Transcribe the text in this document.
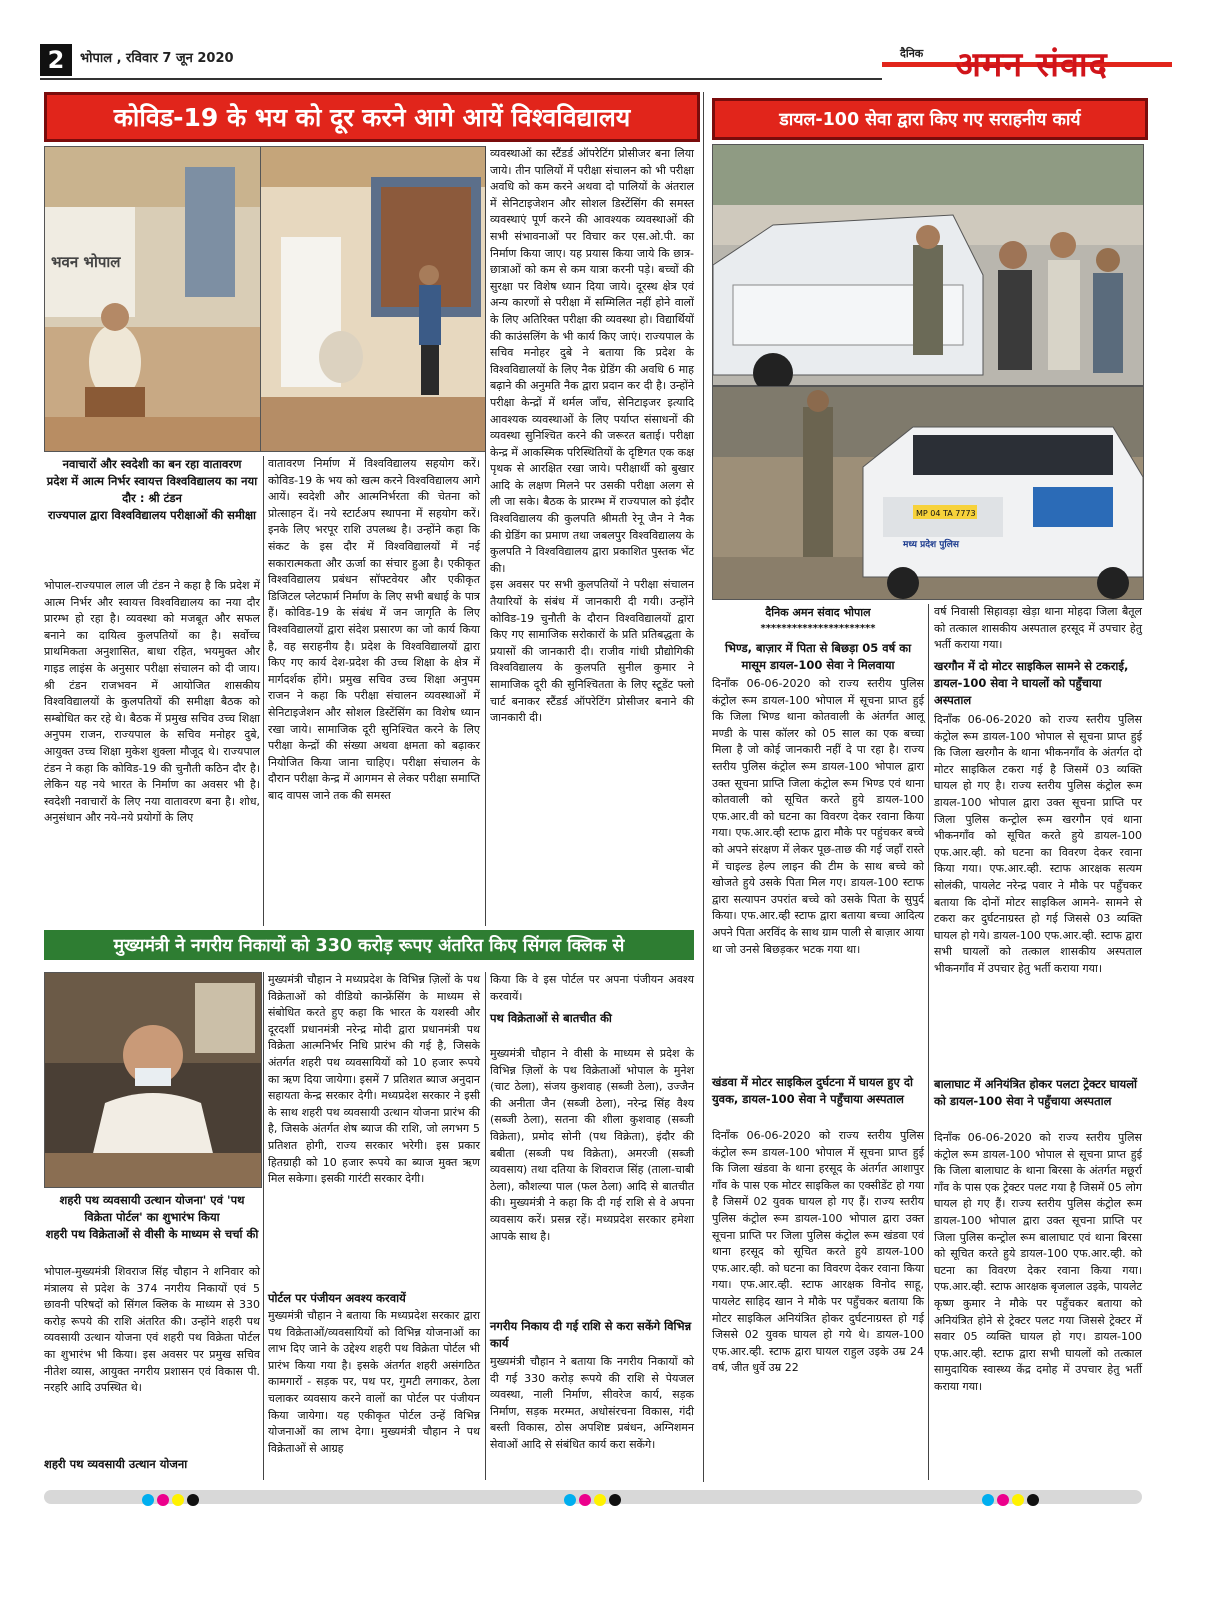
2	भोपाल , रविवार 7 जून 2020	दैनिक अमन संवाद
कोविड-19 के भय को दूर करने आगे आयें विश्वविद्यालय
भवन भोपाल
नवाचारों और स्वदेशी का बन रहा वातावरण
प्रदेश में आत्म निर्भर स्वायत्त विश्वविद्यालय का नया दौर : श्री टंडन
राज्यपाल द्वारा विश्वविद्यालय परीक्षाओं की समीक्षा
भोपाल-राज्यपाल लाल जी टंडन ने कहा है कि प्रदेश में आत्म निर्भर और स्वायत्त विश्वविद्यालय का नया दौर प्रारम्भ हो रहा है। व्यवस्था को मजबूत और सफल बनाने का दायित्व कुलपतियों का है। सर्वोच्च प्राथमिकता अनुशासित, बाधा रहित, भयमुक्त और गाइड लाइंस के अनुसार परीक्षा संचालन को दी जाय। श्री टंडन राजभवन में आयोजित शासकीय विश्वविद्यालयों के कुलपतियों की समीक्षा बैठक को सम्बोधित कर रहे थे। बैठक में प्रमुख सचिव उच्च शिक्षा अनुपम राजन, राज्यपाल के सचिव मनोहर दुबे, आयुक्त उच्च शिक्षा मुकेश शुक्ला मौजूद थे। राज्यपाल टंडन ने कहा कि कोविड-19 की चुनौती कठिन दौर है। लेकिन यह नये भारत के निर्माण का अवसर भी है। स्वदेशी नवाचारों के लिए नया वातावरण बना है। शोध, अनुसंधान और नये-नये प्रयोगों के लिए
वातावरण निर्माण में विश्वविद्यालय सहयोग करें। कोविड-19 के भय को खत्म करने विश्वविद्यालय आगे आयें। स्वदेशी और आत्मनिर्भरता की चेतना को प्रोत्साहन दें। नये स्टार्टअप स्थापना में सहयोग करें। इनके लिए भरपूर राशि उपलब्ध है। उन्होंने कहा कि संकट के इस दौर में विश्वविद्यालयों में नई सकारात्मकता और ऊर्जा का संचार हुआ है। एकीकृत विश्वविद्यालय प्रबंधन सॉफ्टवेयर और एकीकृत डिजिटल प्लेटफार्म निर्माण के लिए सभी बधाई के पात्र हैं। कोविड-19 के संबंध में जन जागृति के लिए विश्वविद्यालयों द्वारा संदेश प्रसारण का जो कार्य किया है, वह सराहनीय है। प्रदेश के विश्वविद्यालयों द्वारा किए गए कार्य देश-प्रदेश की उच्च शिक्षा के क्षेत्र में मार्गदर्शक होंगे। प्रमुख सचिव उच्च शिक्षा अनुपम राजन ने कहा कि परीक्षा संचालन व्यवस्थाओं में सेनिटाइजेशन और सोशल डिस्टेंसिंग का विशेष ध्यान रखा जाये। सामाजिक दूरी सुनिश्चित करने के लिए परीक्षा केन्द्रों की संख्या अथवा क्षमता को बढ़ाकर नियोजित किया जाना चाहिए। परीक्षा संचालन के दौरान परीक्षा केन्द्र में आगमन से लेकर परीक्षा समाप्ति बाद वापस जाने तक की समस्त
व्यवस्थाओं का स्टैंडर्ड ऑपरेटिंग प्रोसीजर बना लिया जाये। तीन पालियों में परीक्षा संचालन को भी परीक्षा अवधि को कम करने अथवा दो पालियों के अंतराल में सेनिटाइजेशन और सोशल डिस्टेंसिंग की समस्त व्यवस्थाएं पूर्ण करने की आवश्यक व्यवस्थाओं की सभी संभावनाओं पर विचार कर एस.ओ.पी. का निर्माण किया जाए। यह प्रयास किया जाये कि छात्र-छात्राओं को कम से कम यात्रा करनी पड़े। बच्चों की सुरक्षा पर विशेष ध्यान दिया जाये। दूरस्थ क्षेत्र एवं अन्य कारणों से परीक्षा में सम्मिलित नहीं होने वालों के लिए अतिरिक्त परीक्षा की व्यवस्था हो। विद्यार्थियों की काउंसलिंग के भी कार्य किए जाएं। राज्यपाल के सचिव मनोहर दुबे ने बताया कि प्रदेश के विश्वविद्यालयों के लिए नैक ग्रेडिंग की अवधि 6 माह बढ़ाने की अनुमति नैक द्वारा प्रदान कर दी है। उन्होंने परीक्षा केन्द्रों में थर्मल जाँच, सेनिटाइजर इत्यादि आवश्यक व्यवस्थाओं के लिए पर्याप्त संसाधनों की व्यवस्था सुनिश्चित करने की जरूरत बताई। परीक्षा केन्द्र में आकस्मिक परिस्थितियों के दृष्टिगत एक कक्ष पृथक से आरक्षित रखा जाये। परीक्षार्थी को बुखार आदि के लक्षण मिलने पर उसकी परीक्षा अलग से ली जा सके। बैठक के प्रारम्भ में राज्यपाल को इंदौर विश्वविद्यालय की कुलपति श्रीमती रेनू जैन ने नैक की ग्रेडिंग का प्रमाण तथा जबलपुर विश्वविद्यालय के कुलपति ने विश्वविद्यालय द्वारा प्रकाशित पुस्तक भेंट की।
इस अवसर पर सभी कुलपतियों ने परीक्षा संचालन तैयारियों के संबंध में जानकारी दी गयी। उन्होंने कोविड-19 चुनौती के दौरान विश्वविद्यालयों द्वारा किए गए सामाजिक सरोकारों के प्रति प्रतिबद्धता के प्रयासों की जानकारी दी। राजीव गांधी प्रौद्योगिकी विश्वविद्यालय के कुलपति सुनील कुमार ने सामाजिक दूरी की सुनिश्चितता के लिए स्टूडेंट फ्लो चार्ट बनाकर स्टैंडर्ड ऑपरेटिंग प्रोसीजर बनाने की जानकारी दी।
मुख्यमंत्री ने नगरीय निकायों को 330 करोड़ रूपए अंतरित किए सिंगल क्लिक से
शहरी पथ व्यवसायी उत्थान योजना' एवं 'पथ विक्रेता पोर्टल' का शुभारंभ किया
शहरी पथ विक्रेताओं से वीसी के माध्यम से चर्चा की
भोपाल-मुख्यमंत्री शिवराज सिंह चौहान ने शनिवार को मंत्रालय से प्रदेश के 374 नगरीय निकायों एवं 5 छावनी परिषदों को सिंगल क्लिक के माध्यम से 330 करोड़ रूपये की राशि अंतरित की। उन्होंने शहरी पथ व्यवसायी उत्थान योजना एवं शहरी पथ विक्रेता पोर्टल का शुभारंभ भी किया। इस अवसर पर प्रमुख सचिव नीतेश व्यास, आयुक्त नगरीय प्रशासन एवं विकास पी. नरहरि आदि उपस्थित थे।
शहरी पथ व्यवसायी उत्थान योजना
मुख्यमंत्री चौहान ने मध्यप्रदेश के विभिन्न ज़िलों के पथ विक्रेताओं को वीडियो कान्फ्रेंसिंग के माध्यम से संबोधित करते हुए कहा कि भारत के यशस्वी और दूरदर्शी प्रधानमंत्री नरेन्द्र मोदी द्वारा प्रधानमंत्री पथ विक्रेता आत्मनिर्भर निधि प्रारंभ की गई है, जिसके अंतर्गत शहरी पथ व्यवसायियों को 10 हजार रूपये का ऋण दिया जायेगा। इसमें 7 प्रतिशत ब्याज अनुदान सहायता केन्द्र सरकार देगी। मध्यप्रदेश सरकार ने इसी के साथ शहरी पथ व्यवसायी उत्थान योजना प्रारंभ की है, जिसके अंतर्गत शेष ब्याज की राशि, जो लगभग 5 प्रतिशत होगी, राज्य सरकार भरेगी। इस प्रकार हितग्राही को 10 हजार रूपये का ब्याज मुक्त ऋण मिल सकेगा। इसकी गारंटी सरकार देगी।
पोर्टल पर पंजीयन अवश्य करवायें
मुख्यमंत्री चौहान ने बताया कि मध्यप्रदेश सरकार द्वारा पथ विक्रेताओं/व्यवसायियों को विभिन्न योजनाओं का लाभ दिए जाने के उद्देश्य शहरी पथ विक्रेता पोर्टल भी प्रारंभ किया गया है। इसके अंतर्गत शहरी असंगठित कामगारों - सड़क पर, पथ पर, गुमटी लगाकर, ठेला चलाकर व्यवसाय करने वालों का पोर्टल पर पंजीयन किया जायेगा। यह एकीकृत पोर्टल उन्हें विभिन्न योजनाओं का लाभ देगा। मुख्यमंत्री चौहान ने पथ विक्रेताओं से आग्रह
किया कि वे इस पोर्टल पर अपना पंजीयन अवश्य करवायें।
पथ विक्रेताओं से बातचीत की
मुख्यमंत्री चौहान ने वीसी के माध्यम से प्रदेश के विभिन्न ज़िलों के पथ विक्रेताओं भोपाल के मुनेश (चाट ठेला), संजय कुशवाह (सब्जी ठेला), उज्जैन की अनीता जैन (सब्जी ठेला), नरेन्द्र सिंह वैश्य (सब्जी ठेला), सतना की शीला कुशवाह (सब्जी विक्रेता), प्रमोद सोनी (पथ विक्रेता), इंदौर की बबीता (सब्जी पथ विक्रेता), अमरजी (सब्जी व्यवसाय) तथा दतिया के शिवराज सिंह (ताला-चाबी ठेला), कौशल्या पाल (फल ठेला) आदि से बातचीत की। मुख्यमंत्री ने कहा कि दी गई राशि से वे अपना व्यवसाय करें। प्रसन्न रहें। मध्यप्रदेश सरकार हमेशा आपके साथ है।
नगरीय निकाय दी गई राशि से करा सकेंगे विभिन्न कार्य
मुख्यमंत्री चौहान ने बताया कि नगरीय निकायों को दी गई 330 करोड़ रूपये की राशि से पेयजल व्यवस्था, नाली निर्माण, सीवरेज कार्य, सड़क निर्माण, सड़क मरम्मत, अधोसंरचना विकास, गंदी बस्ती विकास, ठोस अपशिष्ट प्रबंधन, अग्निशमन सेवाओं आदि से संबंधित कार्य करा सकेंगे।
डायल-100 सेवा द्वारा किए गए सराहनीय कार्य
MP 04 TA 7773
मध्य प्रदेश पुलिस
दैनिक अमन संवाद भोपाल
**********************
भिण्ड, बाज़ार में पिता से बिछड़ा 05 वर्ष का मासूम डायल-100 सेवा ने मिलवाया
दिनाँक 06-06-2020 को राज्य स्तरीय पुलिस कंट्रोल रूम डायल-100 भोपाल में सूचना प्राप्त हुई कि जिला भिण्ड थाना कोतवाली के अंतर्गत आलू मण्डी के पास कॉलर को 05 साल का एक बच्चा मिला है जो कोई जानकारी नहीं दे पा रहा है। राज्य स्तरीय पुलिस कंट्रोल रूम डायल-100 भोपाल द्वारा उक्त सूचना प्राप्ति जिला कंट्रोल रूम भिण्ड एवं थाना कोतवाली को सूचित करते हुये डायल-100 एफ.आर.वी को घटना का विवरण देकर रवाना किया गया। एफ.आर.व्ही स्टाफ द्वारा मौके पर पहुंचकर बच्चे को अपने संरक्षण में लेकर पूछ-ताछ की गई जहाँ रास्ते में चाइल्ड हेल्प लाइन की टीम के साथ बच्चे को खोजते हुये उसके पिता मिल गए। डायल-100 स्टाफ द्वारा सत्यापन उपरांत बच्चे को उसके पिता के सुपुर्द किया। एफ.आर.व्ही स्टाफ द्वारा बताया बच्चा आदित्य अपने पिता अरविंद के साथ ग्राम पाली से बाज़ार आया था जो उनसे बिछड़कर भटक गया था।
खंडवा में मोटर साइकिल दुर्घटना में घायल हुए दो युवक, डायल-100 सेवा ने पहुँचाया अस्पताल
दिनाँक 06-06-2020 को राज्य स्तरीय पुलिस कंट्रोल रूम डायल-100 भोपाल में सूचना प्राप्त हुई कि जिला खंडवा के थाना हरसूद के अंतर्गत आशापुर गाँव के पास एक मोटर साइकिल का एक्सीडेंट हो गया है जिसमें 02 युवक घायल हो गए हैं। राज्य स्तरीय पुलिस कंट्रोल रूम डायल-100 भोपाल द्वारा उक्त सूचना प्राप्ति पर जिला पुलिस कंट्रोल रूम खंडवा एवं थाना हरसूद को सूचित करते हुये डायल-100 एफ.आर.व्ही. को घटना का विवरण देकर रवाना किया गया। एफ.आर.व्ही. स्टाफ आरक्षक विनोद साहू, पायलेट साहिद खान ने मौके पर पहुँचकर बताया कि मोटर साइकिल अनियंत्रित होकर दुर्घटनाग्रस्त हो गई जिससे 02 युवक घायल हो गये थे। डायल-100 एफ.आर.व्ही. स्टाफ द्वारा घायल राहुल उइके उम्र 24 वर्ष, जीत धुर्वे उम्र 22
वर्ष निवासी सिहावड़ा खेड़ा थाना मोहदा जिला बैतूल को तत्काल शासकीय अस्पताल हरसूद में उपचार हेतु भर्ती कराया गया।
खरगौन में दो मोटर साइकिल सामने से टकराई, डायल-100 सेवा ने घायलों को पहुँचाया अस्पताल
दिनाँक 06-06-2020 को राज्य स्तरीय पुलिस कंट्रोल रूम डायल-100 भोपाल से सूचना प्राप्त हुई कि जिला खरगौन के थाना भीकनगाँव के अंतर्गत दो मोटर साइकिल टकरा गई है जिसमें 03 व्यक्ति घायल हो गए है। राज्य स्तरीय पुलिस कंट्रोल रूम डायल-100 भोपाल द्वारा उक्त सूचना प्राप्ति पर जिला पुलिस कन्ट्रोल रूम खरगौन एवं थाना भीकनगाँव को सूचित करते हुये डायल-100 एफ.आर.व्ही. को घटना का विवरण देकर रवाना किया गया। एफ.आर.व्ही. स्टाफ आरक्षक सत्यम सोलंकी, पायलेट नरेन्द्र पवार ने मौके पर पहुँचकर बताया कि दोनों मोटर साइकिल आमने- सामने से टकरा कर दुर्घटनाग्रस्त हो गई जिससे 03 व्यक्ति घायल हो गये। डायल-100 एफ.आर.व्ही. स्टाफ द्वारा सभी घायलों को तत्काल शासकीय अस्पताल भीकनगाँव में उपचार हेतु भर्ती कराया गया।
बालाघाट में अनियंत्रित होकर पलटा ट्रेक्टर घायलों को डायल-100 सेवा ने पहुँचाया अस्पताल
दिनाँक 06-06-2020 को राज्य स्तरीय पुलिस कंट्रोल रूम डायल-100 भोपाल से सूचना प्राप्त हुई कि जिला बालाघाट के थाना बिरसा के अंतर्गत मछूर्रा गाँव के पास एक ट्रेक्टर पलट गया है जिसमें 05 लोग घायल हो गए हैं। राज्य स्तरीय पुलिस कंट्रोल रूम डायल-100 भोपाल द्वारा उक्त सूचना प्राप्ति पर जिला पुलिस कन्ट्रोल रूम बालाघाट एवं थाना बिरसा को सूचित करते हुये डायल-100 एफ.आर.व्ही. को घटना का विवरण देकर रवाना किया गया। एफ.आर.व्ही. स्टाफ आरक्षक बृजलाल उइके, पायलेट कृष्ण कुमार ने मौके पर पहुँचकर बताया को अनियंत्रित होने से ट्रेक्टर पलट गया जिससे ट्रेक्टर में सवार 05 व्यक्ति घायल हो गए। डायल-100 एफ.आर.व्ही. स्टाफ द्वारा सभी घायलों को तत्काल सामुदायिक स्वास्थ्य केंद्र दमोह में उपचार हेतु भर्ती कराया गया।
